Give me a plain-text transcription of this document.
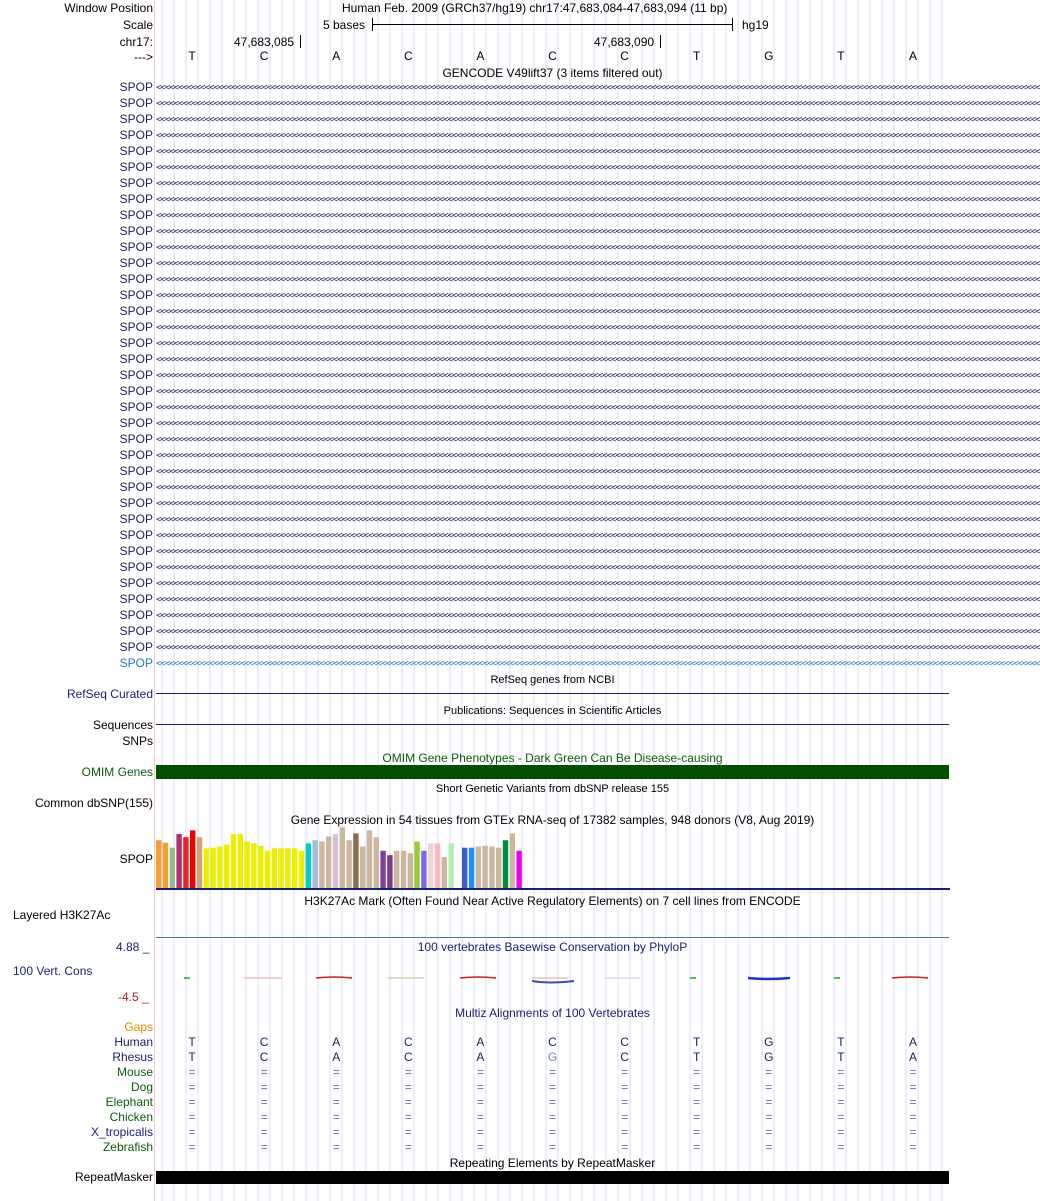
Window Position	Human Feb. 2009 (GRCh37/hg19) chr17:47,683,084-47,683,094 (11 bp)
Scale	5 bases	hg19
chr17:	47,683,085	47,683,090
--->	T	C	A	C	A	C	C	T	G	T	A
GENCODE V49lift37 (3 items filtered out)
SPOP <<<<<<<<<<<<<<<<<<<<<<<<<<<<<<<<<<<<<<<<<<<<<<<<<<<<<<<<<<<<<<<<<<<<<<<<<<<<<<<<<<<<<<<<<<<<<<<<<<<<<<<<<<<<<<<<<<<<<<<<<<<<<<<<<<<<<<<<<<<<<<<<<<<<<<<<<<<<<<<<<<<<<<<<<<<<<<<<<<<<<<<<<<<<<<<<<<<<<<<<
SPOP <<<<<<<<<<<<<<<<<<<<<<<<<<<<<<<<<<<<<<<<<<<<<<<<<<<<<<<<<<<<<<<<<<<<<<<<<<<<<<<<<<<<<<<<<<<<<<<<<<<<<<<<<<<<<<<<<<<<<<<<<<<<<<<<<<<<<<<<<<<<<<<<<<<<<<<<<<<<<<<<<<<<<<<<<<<<<<<<<<<<<<<<<<<<<<<<<<<<<<<<
SPOP <<<<<<<<<<<<<<<<<<<<<<<<<<<<<<<<<<<<<<<<<<<<<<<<<<<<<<<<<<<<<<<<<<<<<<<<<<<<<<<<<<<<<<<<<<<<<<<<<<<<<<<<<<<<<<<<<<<<<<<<<<<<<<<<<<<<<<<<<<<<<<<<<<<<<<<<<<<<<<<<<<<<<<<<<<<<<<<<<<<<<<<<<<<<<<<<<<<<<<<<
SPOP <<<<<<<<<<<<<<<<<<<<<<<<<<<<<<<<<<<<<<<<<<<<<<<<<<<<<<<<<<<<<<<<<<<<<<<<<<<<<<<<<<<<<<<<<<<<<<<<<<<<<<<<<<<<<<<<<<<<<<<<<<<<<<<<<<<<<<<<<<<<<<<<<<<<<<<<<<<<<<<<<<<<<<<<<<<<<<<<<<<<<<<<<<<<<<<<<<<<<<<<
SPOP <<<<<<<<<<<<<<<<<<<<<<<<<<<<<<<<<<<<<<<<<<<<<<<<<<<<<<<<<<<<<<<<<<<<<<<<<<<<<<<<<<<<<<<<<<<<<<<<<<<<<<<<<<<<<<<<<<<<<<<<<<<<<<<<<<<<<<<<<<<<<<<<<<<<<<<<<<<<<<<<<<<<<<<<<<<<<<<<<<<<<<<<<<<<<<<<<<<<<<<<
SPOP <<<<<<<<<<<<<<<<<<<<<<<<<<<<<<<<<<<<<<<<<<<<<<<<<<<<<<<<<<<<<<<<<<<<<<<<<<<<<<<<<<<<<<<<<<<<<<<<<<<<<<<<<<<<<<<<<<<<<<<<<<<<<<<<<<<<<<<<<<<<<<<<<<<<<<<<<<<<<<<<<<<<<<<<<<<<<<<<<<<<<<<<<<<<<<<<<<<<<<<<
SPOP <<<<<<<<<<<<<<<<<<<<<<<<<<<<<<<<<<<<<<<<<<<<<<<<<<<<<<<<<<<<<<<<<<<<<<<<<<<<<<<<<<<<<<<<<<<<<<<<<<<<<<<<<<<<<<<<<<<<<<<<<<<<<<<<<<<<<<<<<<<<<<<<<<<<<<<<<<<<<<<<<<<<<<<<<<<<<<<<<<<<<<<<<<<<<<<<<<<<<<<<
SPOP <<<<<<<<<<<<<<<<<<<<<<<<<<<<<<<<<<<<<<<<<<<<<<<<<<<<<<<<<<<<<<<<<<<<<<<<<<<<<<<<<<<<<<<<<<<<<<<<<<<<<<<<<<<<<<<<<<<<<<<<<<<<<<<<<<<<<<<<<<<<<<<<<<<<<<<<<<<<<<<<<<<<<<<<<<<<<<<<<<<<<<<<<<<<<<<<<<<<<<<<
SPOP <<<<<<<<<<<<<<<<<<<<<<<<<<<<<<<<<<<<<<<<<<<<<<<<<<<<<<<<<<<<<<<<<<<<<<<<<<<<<<<<<<<<<<<<<<<<<<<<<<<<<<<<<<<<<<<<<<<<<<<<<<<<<<<<<<<<<<<<<<<<<<<<<<<<<<<<<<<<<<<<<<<<<<<<<<<<<<<<<<<<<<<<<<<<<<<<<<<<<<<<
SPOP <<<<<<<<<<<<<<<<<<<<<<<<<<<<<<<<<<<<<<<<<<<<<<<<<<<<<<<<<<<<<<<<<<<<<<<<<<<<<<<<<<<<<<<<<<<<<<<<<<<<<<<<<<<<<<<<<<<<<<<<<<<<<<<<<<<<<<<<<<<<<<<<<<<<<<<<<<<<<<<<<<<<<<<<<<<<<<<<<<<<<<<<<<<<<<<<<<<<<<<<
SPOP <<<<<<<<<<<<<<<<<<<<<<<<<<<<<<<<<<<<<<<<<<<<<<<<<<<<<<<<<<<<<<<<<<<<<<<<<<<<<<<<<<<<<<<<<<<<<<<<<<<<<<<<<<<<<<<<<<<<<<<<<<<<<<<<<<<<<<<<<<<<<<<<<<<<<<<<<<<<<<<<<<<<<<<<<<<<<<<<<<<<<<<<<<<<<<<<<<<<<<<<
SPOP <<<<<<<<<<<<<<<<<<<<<<<<<<<<<<<<<<<<<<<<<<<<<<<<<<<<<<<<<<<<<<<<<<<<<<<<<<<<<<<<<<<<<<<<<<<<<<<<<<<<<<<<<<<<<<<<<<<<<<<<<<<<<<<<<<<<<<<<<<<<<<<<<<<<<<<<<<<<<<<<<<<<<<<<<<<<<<<<<<<<<<<<<<<<<<<<<<<<<<<<
SPOP <<<<<<<<<<<<<<<<<<<<<<<<<<<<<<<<<<<<<<<<<<<<<<<<<<<<<<<<<<<<<<<<<<<<<<<<<<<<<<<<<<<<<<<<<<<<<<<<<<<<<<<<<<<<<<<<<<<<<<<<<<<<<<<<<<<<<<<<<<<<<<<<<<<<<<<<<<<<<<<<<<<<<<<<<<<<<<<<<<<<<<<<<<<<<<<<<<<<<<<<
SPOP <<<<<<<<<<<<<<<<<<<<<<<<<<<<<<<<<<<<<<<<<<<<<<<<<<<<<<<<<<<<<<<<<<<<<<<<<<<<<<<<<<<<<<<<<<<<<<<<<<<<<<<<<<<<<<<<<<<<<<<<<<<<<<<<<<<<<<<<<<<<<<<<<<<<<<<<<<<<<<<<<<<<<<<<<<<<<<<<<<<<<<<<<<<<<<<<<<<<<<<<
SPOP <<<<<<<<<<<<<<<<<<<<<<<<<<<<<<<<<<<<<<<<<<<<<<<<<<<<<<<<<<<<<<<<<<<<<<<<<<<<<<<<<<<<<<<<<<<<<<<<<<<<<<<<<<<<<<<<<<<<<<<<<<<<<<<<<<<<<<<<<<<<<<<<<<<<<<<<<<<<<<<<<<<<<<<<<<<<<<<<<<<<<<<<<<<<<<<<<<<<<<<<
SPOP <<<<<<<<<<<<<<<<<<<<<<<<<<<<<<<<<<<<<<<<<<<<<<<<<<<<<<<<<<<<<<<<<<<<<<<<<<<<<<<<<<<<<<<<<<<<<<<<<<<<<<<<<<<<<<<<<<<<<<<<<<<<<<<<<<<<<<<<<<<<<<<<<<<<<<<<<<<<<<<<<<<<<<<<<<<<<<<<<<<<<<<<<<<<<<<<<<<<<<<<
SPOP <<<<<<<<<<<<<<<<<<<<<<<<<<<<<<<<<<<<<<<<<<<<<<<<<<<<<<<<<<<<<<<<<<<<<<<<<<<<<<<<<<<<<<<<<<<<<<<<<<<<<<<<<<<<<<<<<<<<<<<<<<<<<<<<<<<<<<<<<<<<<<<<<<<<<<<<<<<<<<<<<<<<<<<<<<<<<<<<<<<<<<<<<<<<<<<<<<<<<<<<
SPOP <<<<<<<<<<<<<<<<<<<<<<<<<<<<<<<<<<<<<<<<<<<<<<<<<<<<<<<<<<<<<<<<<<<<<<<<<<<<<<<<<<<<<<<<<<<<<<<<<<<<<<<<<<<<<<<<<<<<<<<<<<<<<<<<<<<<<<<<<<<<<<<<<<<<<<<<<<<<<<<<<<<<<<<<<<<<<<<<<<<<<<<<<<<<<<<<<<<<<<<<
SPOP <<<<<<<<<<<<<<<<<<<<<<<<<<<<<<<<<<<<<<<<<<<<<<<<<<<<<<<<<<<<<<<<<<<<<<<<<<<<<<<<<<<<<<<<<<<<<<<<<<<<<<<<<<<<<<<<<<<<<<<<<<<<<<<<<<<<<<<<<<<<<<<<<<<<<<<<<<<<<<<<<<<<<<<<<<<<<<<<<<<<<<<<<<<<<<<<<<<<<<<<
SPOP <<<<<<<<<<<<<<<<<<<<<<<<<<<<<<<<<<<<<<<<<<<<<<<<<<<<<<<<<<<<<<<<<<<<<<<<<<<<<<<<<<<<<<<<<<<<<<<<<<<<<<<<<<<<<<<<<<<<<<<<<<<<<<<<<<<<<<<<<<<<<<<<<<<<<<<<<<<<<<<<<<<<<<<<<<<<<<<<<<<<<<<<<<<<<<<<<<<<<<<<
SPOP <<<<<<<<<<<<<<<<<<<<<<<<<<<<<<<<<<<<<<<<<<<<<<<<<<<<<<<<<<<<<<<<<<<<<<<<<<<<<<<<<<<<<<<<<<<<<<<<<<<<<<<<<<<<<<<<<<<<<<<<<<<<<<<<<<<<<<<<<<<<<<<<<<<<<<<<<<<<<<<<<<<<<<<<<<<<<<<<<<<<<<<<<<<<<<<<<<<<<<<<
SPOP <<<<<<<<<<<<<<<<<<<<<<<<<<<<<<<<<<<<<<<<<<<<<<<<<<<<<<<<<<<<<<<<<<<<<<<<<<<<<<<<<<<<<<<<<<<<<<<<<<<<<<<<<<<<<<<<<<<<<<<<<<<<<<<<<<<<<<<<<<<<<<<<<<<<<<<<<<<<<<<<<<<<<<<<<<<<<<<<<<<<<<<<<<<<<<<<<<<<<<<<
SPOP <<<<<<<<<<<<<<<<<<<<<<<<<<<<<<<<<<<<<<<<<<<<<<<<<<<<<<<<<<<<<<<<<<<<<<<<<<<<<<<<<<<<<<<<<<<<<<<<<<<<<<<<<<<<<<<<<<<<<<<<<<<<<<<<<<<<<<<<<<<<<<<<<<<<<<<<<<<<<<<<<<<<<<<<<<<<<<<<<<<<<<<<<<<<<<<<<<<<<<<<
SPOP <<<<<<<<<<<<<<<<<<<<<<<<<<<<<<<<<<<<<<<<<<<<<<<<<<<<<<<<<<<<<<<<<<<<<<<<<<<<<<<<<<<<<<<<<<<<<<<<<<<<<<<<<<<<<<<<<<<<<<<<<<<<<<<<<<<<<<<<<<<<<<<<<<<<<<<<<<<<<<<<<<<<<<<<<<<<<<<<<<<<<<<<<<<<<<<<<<<<<<<<
SPOP <<<<<<<<<<<<<<<<<<<<<<<<<<<<<<<<<<<<<<<<<<<<<<<<<<<<<<<<<<<<<<<<<<<<<<<<<<<<<<<<<<<<<<<<<<<<<<<<<<<<<<<<<<<<<<<<<<<<<<<<<<<<<<<<<<<<<<<<<<<<<<<<<<<<<<<<<<<<<<<<<<<<<<<<<<<<<<<<<<<<<<<<<<<<<<<<<<<<<<<<
SPOP <<<<<<<<<<<<<<<<<<<<<<<<<<<<<<<<<<<<<<<<<<<<<<<<<<<<<<<<<<<<<<<<<<<<<<<<<<<<<<<<<<<<<<<<<<<<<<<<<<<<<<<<<<<<<<<<<<<<<<<<<<<<<<<<<<<<<<<<<<<<<<<<<<<<<<<<<<<<<<<<<<<<<<<<<<<<<<<<<<<<<<<<<<<<<<<<<<<<<<<<
SPOP <<<<<<<<<<<<<<<<<<<<<<<<<<<<<<<<<<<<<<<<<<<<<<<<<<<<<<<<<<<<<<<<<<<<<<<<<<<<<<<<<<<<<<<<<<<<<<<<<<<<<<<<<<<<<<<<<<<<<<<<<<<<<<<<<<<<<<<<<<<<<<<<<<<<<<<<<<<<<<<<<<<<<<<<<<<<<<<<<<<<<<<<<<<<<<<<<<<<<<<<
SPOP <<<<<<<<<<<<<<<<<<<<<<<<<<<<<<<<<<<<<<<<<<<<<<<<<<<<<<<<<<<<<<<<<<<<<<<<<<<<<<<<<<<<<<<<<<<<<<<<<<<<<<<<<<<<<<<<<<<<<<<<<<<<<<<<<<<<<<<<<<<<<<<<<<<<<<<<<<<<<<<<<<<<<<<<<<<<<<<<<<<<<<<<<<<<<<<<<<<<<<<<
SPOP <<<<<<<<<<<<<<<<<<<<<<<<<<<<<<<<<<<<<<<<<<<<<<<<<<<<<<<<<<<<<<<<<<<<<<<<<<<<<<<<<<<<<<<<<<<<<<<<<<<<<<<<<<<<<<<<<<<<<<<<<<<<<<<<<<<<<<<<<<<<<<<<<<<<<<<<<<<<<<<<<<<<<<<<<<<<<<<<<<<<<<<<<<<<<<<<<<<<<<<<
SPOP <<<<<<<<<<<<<<<<<<<<<<<<<<<<<<<<<<<<<<<<<<<<<<<<<<<<<<<<<<<<<<<<<<<<<<<<<<<<<<<<<<<<<<<<<<<<<<<<<<<<<<<<<<<<<<<<<<<<<<<<<<<<<<<<<<<<<<<<<<<<<<<<<<<<<<<<<<<<<<<<<<<<<<<<<<<<<<<<<<<<<<<<<<<<<<<<<<<<<<<<
SPOP <<<<<<<<<<<<<<<<<<<<<<<<<<<<<<<<<<<<<<<<<<<<<<<<<<<<<<<<<<<<<<<<<<<<<<<<<<<<<<<<<<<<<<<<<<<<<<<<<<<<<<<<<<<<<<<<<<<<<<<<<<<<<<<<<<<<<<<<<<<<<<<<<<<<<<<<<<<<<<<<<<<<<<<<<<<<<<<<<<<<<<<<<<<<<<<<<<<<<<<<
SPOP <<<<<<<<<<<<<<<<<<<<<<<<<<<<<<<<<<<<<<<<<<<<<<<<<<<<<<<<<<<<<<<<<<<<<<<<<<<<<<<<<<<<<<<<<<<<<<<<<<<<<<<<<<<<<<<<<<<<<<<<<<<<<<<<<<<<<<<<<<<<<<<<<<<<<<<<<<<<<<<<<<<<<<<<<<<<<<<<<<<<<<<<<<<<<<<<<<<<<<<<
SPOP <<<<<<<<<<<<<<<<<<<<<<<<<<<<<<<<<<<<<<<<<<<<<<<<<<<<<<<<<<<<<<<<<<<<<<<<<<<<<<<<<<<<<<<<<<<<<<<<<<<<<<<<<<<<<<<<<<<<<<<<<<<<<<<<<<<<<<<<<<<<<<<<<<<<<<<<<<<<<<<<<<<<<<<<<<<<<<<<<<<<<<<<<<<<<<<<<<<<<<<<
SPOP <<<<<<<<<<<<<<<<<<<<<<<<<<<<<<<<<<<<<<<<<<<<<<<<<<<<<<<<<<<<<<<<<<<<<<<<<<<<<<<<<<<<<<<<<<<<<<<<<<<<<<<<<<<<<<<<<<<<<<<<<<<<<<<<<<<<<<<<<<<<<<<<<<<<<<<<<<<<<<<<<<<<<<<<<<<<<<<<<<<<<<<<<<<<<<<<<<<<<<<<
SPOP <<<<<<<<<<<<<<<<<<<<<<<<<<<<<<<<<<<<<<<<<<<<<<<<<<<<<<<<<<<<<<<<<<<<<<<<<<<<<<<<<<<<<<<<<<<<<<<<<<<<<<<<<<<<<<<<<<<<<<<<<<<<<<<<<<<<<<<<<<<<<<<<<<<<<<<<<<<<<<<<<<<<<<<<<<<<<<<<<<<<<<<<<<<<<<<<<<<<<<<<
SPOP <<<<<<<<<<<<<<<<<<<<<<<<<<<<<<<<<<<<<<<<<<<<<<<<<<<<<<<<<<<<<<<<<<<<<<<<<<<<<<<<<<<<<<<<<<<<<<<<<<<<<<<<<<<<<<<<<<<<<<<<<<<<<<<<<<<<<<<<<<<<<<<<<<<<<<<<<<<<<<<<<<<<<<<<<<<<<<<<<<<<<<<<<<<<<<<<<<<<<<<<
SPOP <<<<<<<<<<<<<<<<<<<<<<<<<<<<<<<<<<<<<<<<<<<<<<<<<<<<<<<<<<<<<<<<<<<<<<<<<<<<<<<<<<<<<<<<<<<<<<<<<<<<<<<<<<<<<<<<<<<<<<<<<<<<<<<<<<<<<<<<<<<<<<<<<<<<<<<<<<<<<<<<<<<<<<<<<<<<<<<<<<<<<<<<<<<<<<<<<<<<<<<<
RefSeq genes from NCBI
RefSeq Curated
Publications: Sequences in Scientific Articles
Sequences
SNPs
OMIM Gene Phenotypes - Dark Green Can Be Disease-causing
OMIM Genes
Short Genetic Variants from dbSNP release 155
Common dbSNP(155)
Gene Expression in 54 tissues from GTEx RNA-seq of 17382 samples, 948 donors (V8, Aug 2019)
SPOP
H3K27Ac Mark (Often Found Near Active Regulatory Elements) on 7 cell lines from ENCODE
Layered H3K27Ac
100 vertebrates Basewise Conservation by PhyloP
4.88 _
100 Vert. Cons
-4.5 _
Multiz Alignments of 100 Vertebrates
Gaps
Human	T	C	A	C	A	C	C	T	G	T	A
Rhesus	T	C	A	C	A	G	C	T	G	T	A
Mouse	=	=	=	=	=	=	=	=	=	=	=
Dog	=	=	=	=	=	=	=	=	=	=	=
Elephant	=	=	=	=	=	=	=	=	=	=	=
Chicken	=	=	=	=	=	=	=	=	=	=	=
X_tropicalis	=	=	=	=	=	=	=	=	=	=	=
Zebrafish	=	=	=	=	=	=	=	=	=	=	=
Repeating Elements by RepeatMasker
RepeatMasker
